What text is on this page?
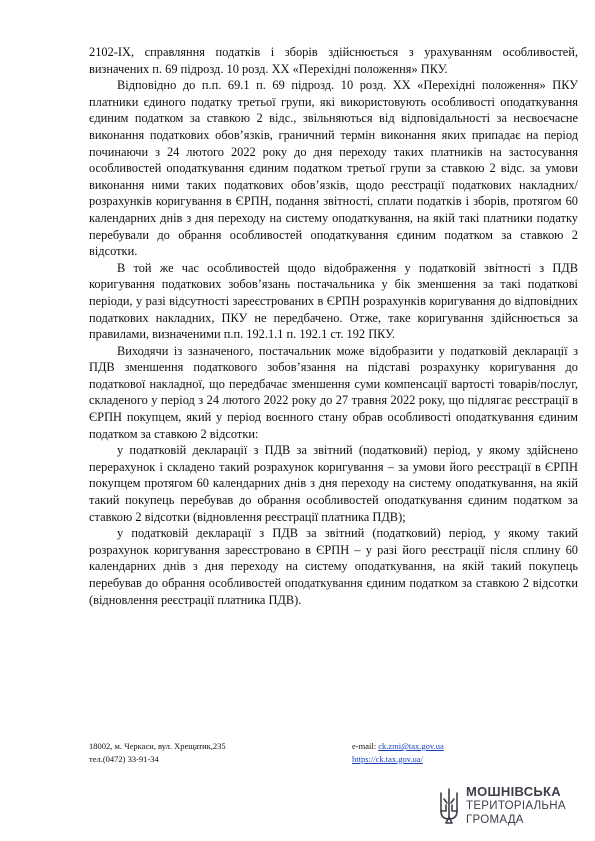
2102-IX, справляння податків і зборів здійснюється з урахуванням особливостей, визначених п. 69 підрозд. 10 розд. ХХ «Перехідні положення» ПКУ.

Відповідно до п.п. 69.1 п. 69 підрозд. 10 розд. ХХ «Перехідні положення» ПКУ платники єдиного податку третьої групи, які використовують особливості оподаткування єдиним податком за ставкою 2 відс., звільняються від відповідальності за несвоєчасне виконання податкових обов’язків, граничний термін виконання яких припадає на період починаючи з 24 лютого 2022 року до дня переходу таких платників на застосування особливостей оподаткування єдиним податком третьої групи за ставкою 2 відс. за умови виконання ними таких податкових обов’язків, щодо реєстрації податкових накладних/ розрахунків коригування в ЄРПН, подання звітності, сплати податків і зборів, протягом 60 календарних днів з дня переходу на систему оподаткування, на якій такі платники податку перебували до обрання особливостей оподаткування єдиним податком за ставкою 2 відсотки.

В той же час особливостей щодо відображення у податковій звітності з ПДВ коригування податкових зобов’язань постачальника у бік зменшення за такі податкові періоди, у разі відсутності зареєстрованих в ЄРПН розрахунків коригування до відповідних податкових накладних, ПКУ не передбачено. Отже, таке коригування здійснюється за правилами, визначеними п.п. 192.1.1 п. 192.1 ст. 192 ПКУ.

Виходячи із зазначеного, постачальник може відобразити у податковій декларації з ПДВ зменшення податкового зобов’язання на підставі розрахунку коригування до податкової накладної, що передбачає зменшення суми компенсації вартості товарів/послуг, складеного у період з 24 лютого 2022 року до 27 травня 2022 року, що підлягає реєстрації в ЄРПН покупцем, який у період воєнного стану обрав особливості оподаткування єдиним податком за ставкою 2 відсотки:

у податковій декларації з ПДВ за звітний (податковий) період, у якому здійснено перерахунок і складено такий розрахунок коригування – за умови його реєстрації в ЄРПН покупцем протягом 60 календарних днів з дня переходу на систему оподаткування, на якій такий покупець перебував до обрання особливостей оподаткування єдиним податком за ставкою 2 відсотки (відновлення реєстрації платника ПДВ);

у податковій декларації з ПДВ за звітний (податковий) період, у якому такий розрахунок коригування зареєстровано в ЄРПН – у разі його реєстрації після сплину 60 календарних днів з дня переходу на систему оподаткування, на якій такий покупець перебував до обрання особливостей оподаткування єдиним податком за ставкою 2 відсотки (відновлення реєстрації платника ПДВ).

18002, м. Черкаси, вул. Хрещатик,235
тел.(0472) 33-91-34
e-mail: ck.zmi@tax.gov.ua
https://ck.tax.gov.ua/
МОШНІВСЬКА
ТЕРИТОРІАЛЬНА
ГРОМАДА
